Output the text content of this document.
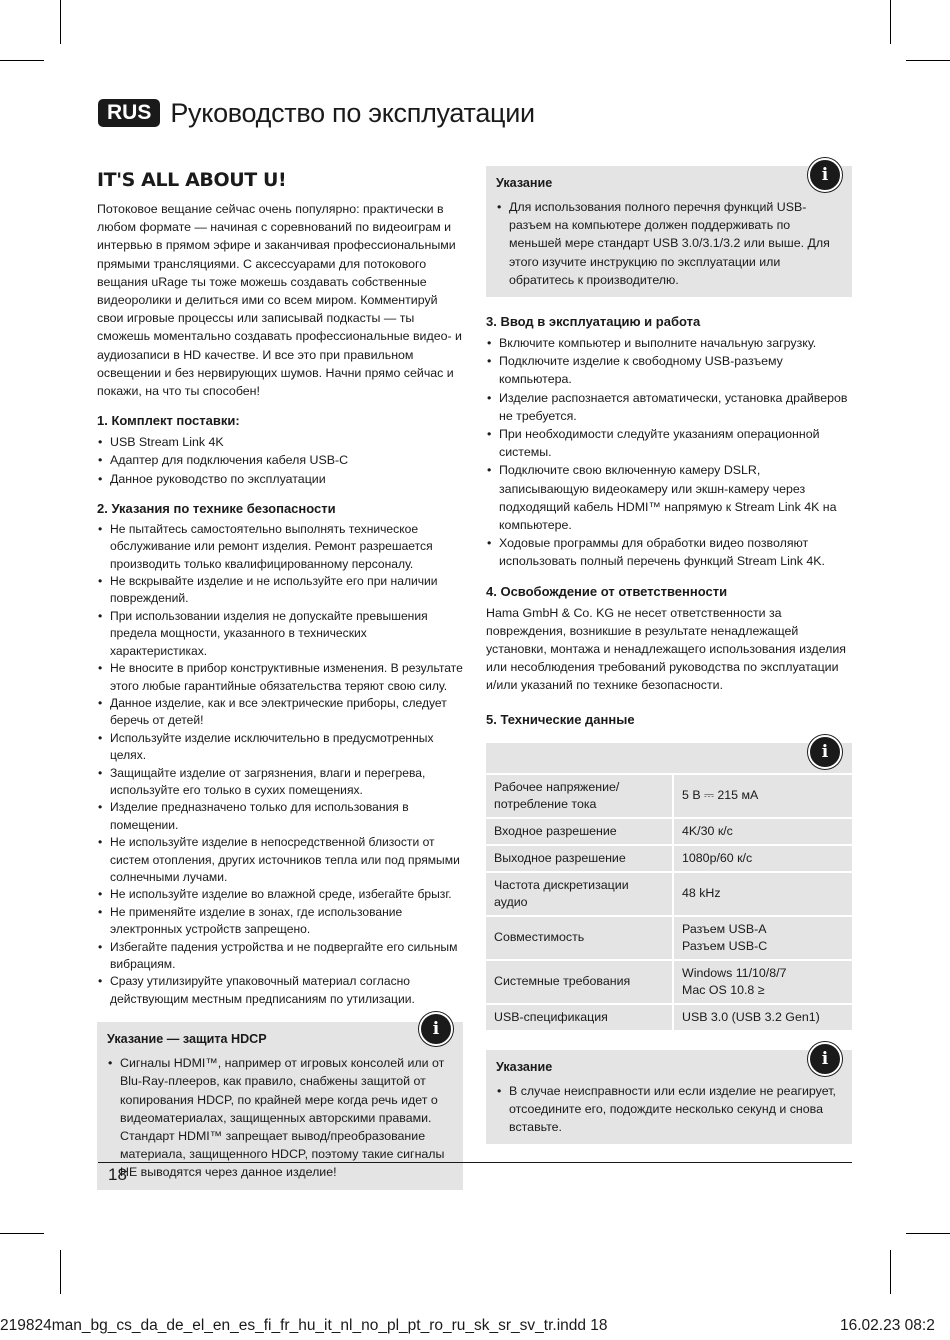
RUS Руководство по эксплуатации
IT'S ALL ABOUT U!

Потоковое вещание сейчас очень популярно: практически в любом формате — начиная с соревнований по видеоиграм и интервью в прямом эфире и заканчивая профессиональными прямыми трансляциями. С аксессуарами для потокового вещания uRage ты тоже можешь создавать собственные видеоролики и делиться ими со всем миром. Комментируй свои игровые процессы или записывай подкасты — ты сможешь моментально создавать профессиональные видео- и аудиозаписи в HD качестве. И все это при правильном освещении и без нервирующих шумов. Начни прямо сейчас и покажи, на что ты способен!

1. Комплект поставки:
• USB Stream Link 4K
• Адаптер для подключения кабеля USB-C
• Данное руководство по эксплуатации
2. Указания по технике безопасности
• Не пытайтесь самостоятельно выполнять техническое обслуживание или ремонт изделия. Ремонт разрешается производить только квалифицированному персоналу.
• Не вскрывайте изделие и не используйте его при наличии повреждений.
• При использовании изделия не допускайте превышения предела мощности, указанного в технических характеристиках.
• Не вносите в прибор конструктивные изменения. В результате этого любые гарантийные обязательства теряют свою силу.
• Данное изделие, как и все электрические приборы, следует беречь от детей!
• Используйте изделие исключительно в предусмотренных целях.
• Защищайте изделие от загрязнения, влаги и перегрева, используйте его только в сухих помещениях.
• Изделие предназначено только для использования в помещении.
• Не используйте изделие в непосредственной близости от систем отопления, других источников тепла или под прямыми солнечными лучами.
• Не используйте изделие во влажной среде, избегайте брызг.
• Не применяйте изделие в зонах, где использование электронных устройств запрещено.
• Избегайте падения устройства и не подвергайте его сильным вибрациям.
• Сразу утилизируйте упаковочный материал согласно действующим местным предписаниям по утилизации.
i
Указание — защита HDCP
• Сигналы HDMI™, например от игровых консолей или от Blu-Ray-плееров, как правило, снабжены защитой от копирования HDCP, по крайней мере когда речь идет о видеоматериалах, защищенных авторскими правами. Стандарт HDMI™ запрещает вывод/преобразование материала, защищенного HDCP, поэтому такие сигналы НЕ выводятся через данное изделие!
i
Указание
• Для использования полного перечня функций USB-разъем на компьютере должен поддерживать по меньшей мере стандарт USB 3.0/3.1/3.2 или выше. Для этого изучите инструкцию по эксплуатации или обратитесь к производителю.
3. Ввод в эксплуатацию и работа
• Включите компьютер и выполните начальную загрузку.
• Подключите изделие к свободному USB-разъему компьютера.
• Изделие распознается автоматически, установка драйверов не требуется.
• При необходимости следуйте указаниям операционной системы.
• Подключите свою включенную камеру DSLR, записывающую видеокамеру или экшн-камеру через подходящий кабель HDMI™ напрямую к Stream Link 4K на компьютере.
• Ходовые программы для обработки видео позволяют использовать полный перечень функций Stream Link 4K.
4. Освобождение от ответственности

Hama GmbH & Co. KG не несет ответственности за повреждения, возникшие в результате ненадлежащей установки, монтажа и ненадлежащего использования изделия или несоблюдения требований руководства по эксплуатации и/или указаний по технике безопасности.

5. Технические данные
i
Рабочее напряжение/
потребление тока	5 В ⎓ 215 мА
Входное разрешение	4K/30 к/с
Выходное разрешение	1080p/60 к/с
Частота дискретизации аудио	48 kHz
Совместимость	Разъем USB-A
Разъем USB-C
Системные требования	Windows 11/10/8/7
Mac OS 10.8 ≥
USB-спецификация	USB 3.0 (USB 3.2 Gen1)
i
Указание
• В случае неисправности или если изделие не реагирует, отсоедините его, подождите несколько секунд и снова вставьте.
18
219824man_bg_cs_da_de_el_en_es_fi_fr_hu_it_nl_no_pl_pt_ro_ru_sk_sr_sv_tr.indd 18	16.02.23 08:2
